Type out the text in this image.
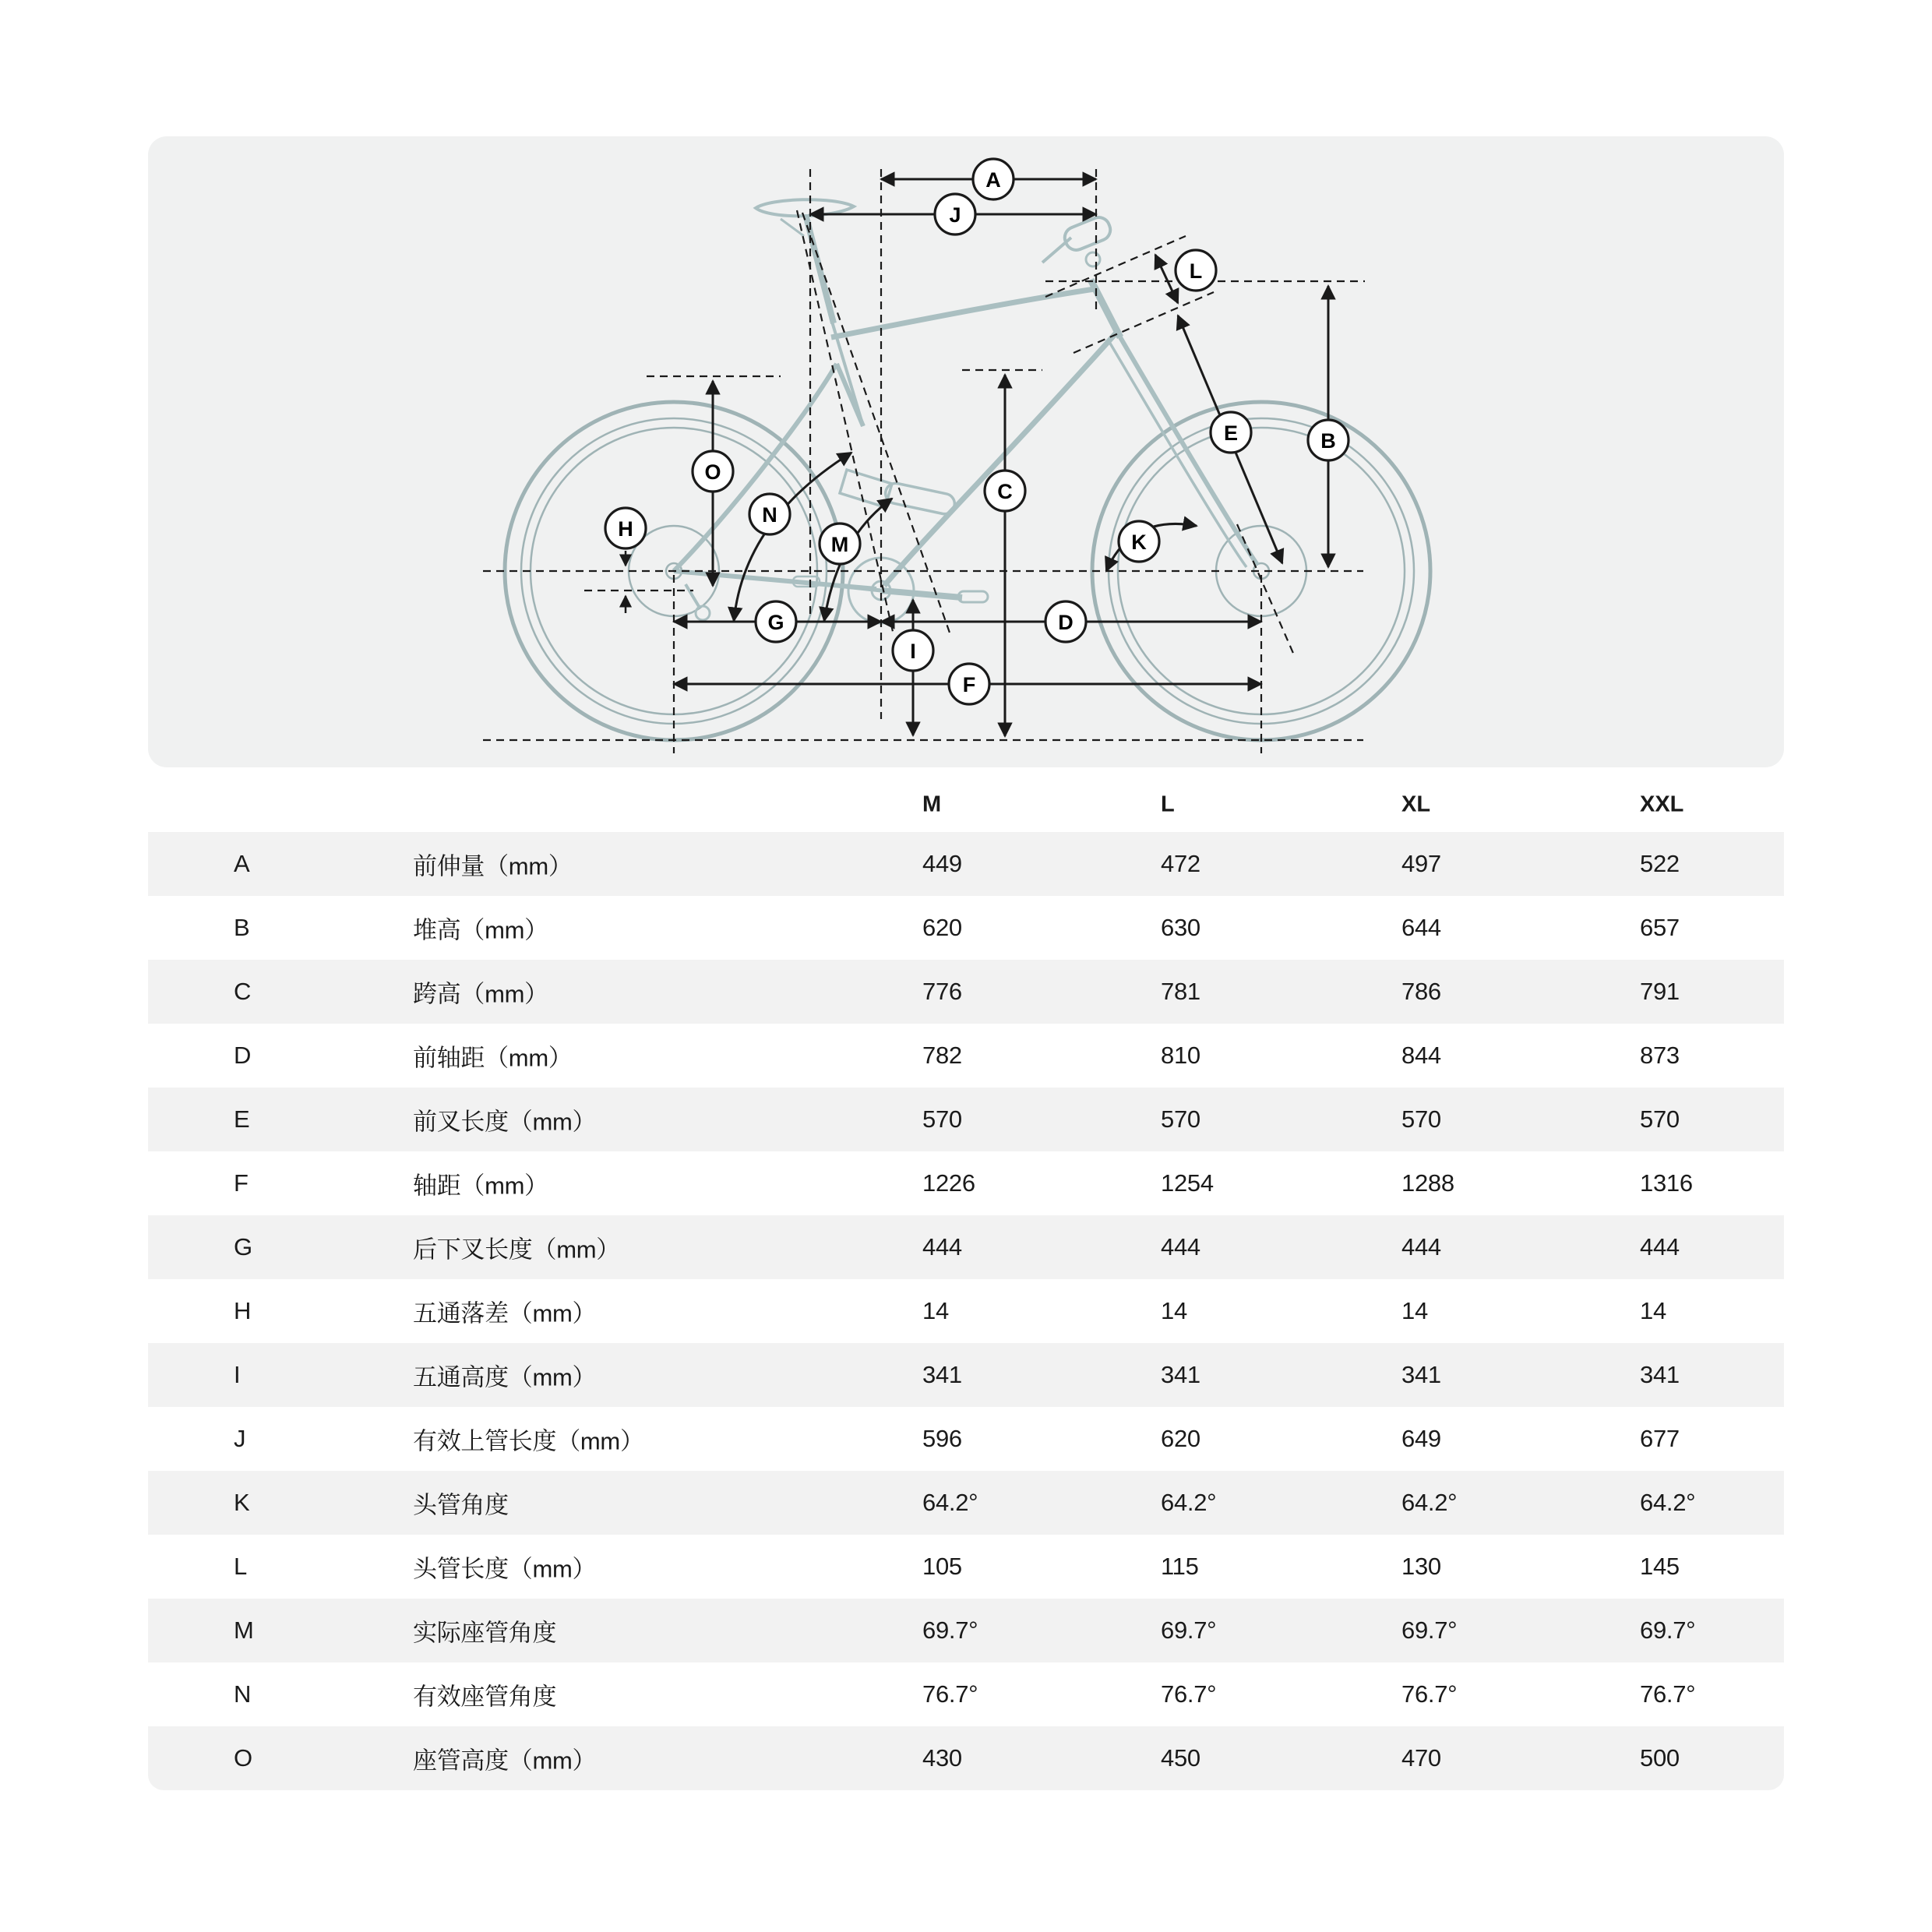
A
J
L
B
E
C
O
N
M
H
K
G	D
I
F
M	L	XL	XXL
A	前伸量（mm）	449	472	497	522
B	堆高（mm）	620	630	644	657
C	跨高（mm）	776	781	786	791
D	前轴距（mm）	782	810	844	873
E	前叉长度（mm）	570	570	570	570
F	轴距（mm）	1226	1254	1288	1316
G	后下叉长度（mm）	444	444	444	444
H	五通落差（mm）	14	14	14	14
I	五通高度（mm）	341	341	341	341
J	有效上管长度（mm）	596	620	649	677
K	头管角度	64.2°	64.2°	64.2°	64.2°
L	头管长度（mm）	105	115	130	145
M	实际座管角度	69.7°	69.7°	69.7°	69.7°
N	有效座管角度	76.7°	76.7°	76.7°	76.7°
O	座管高度（mm）	430	450	470	500
